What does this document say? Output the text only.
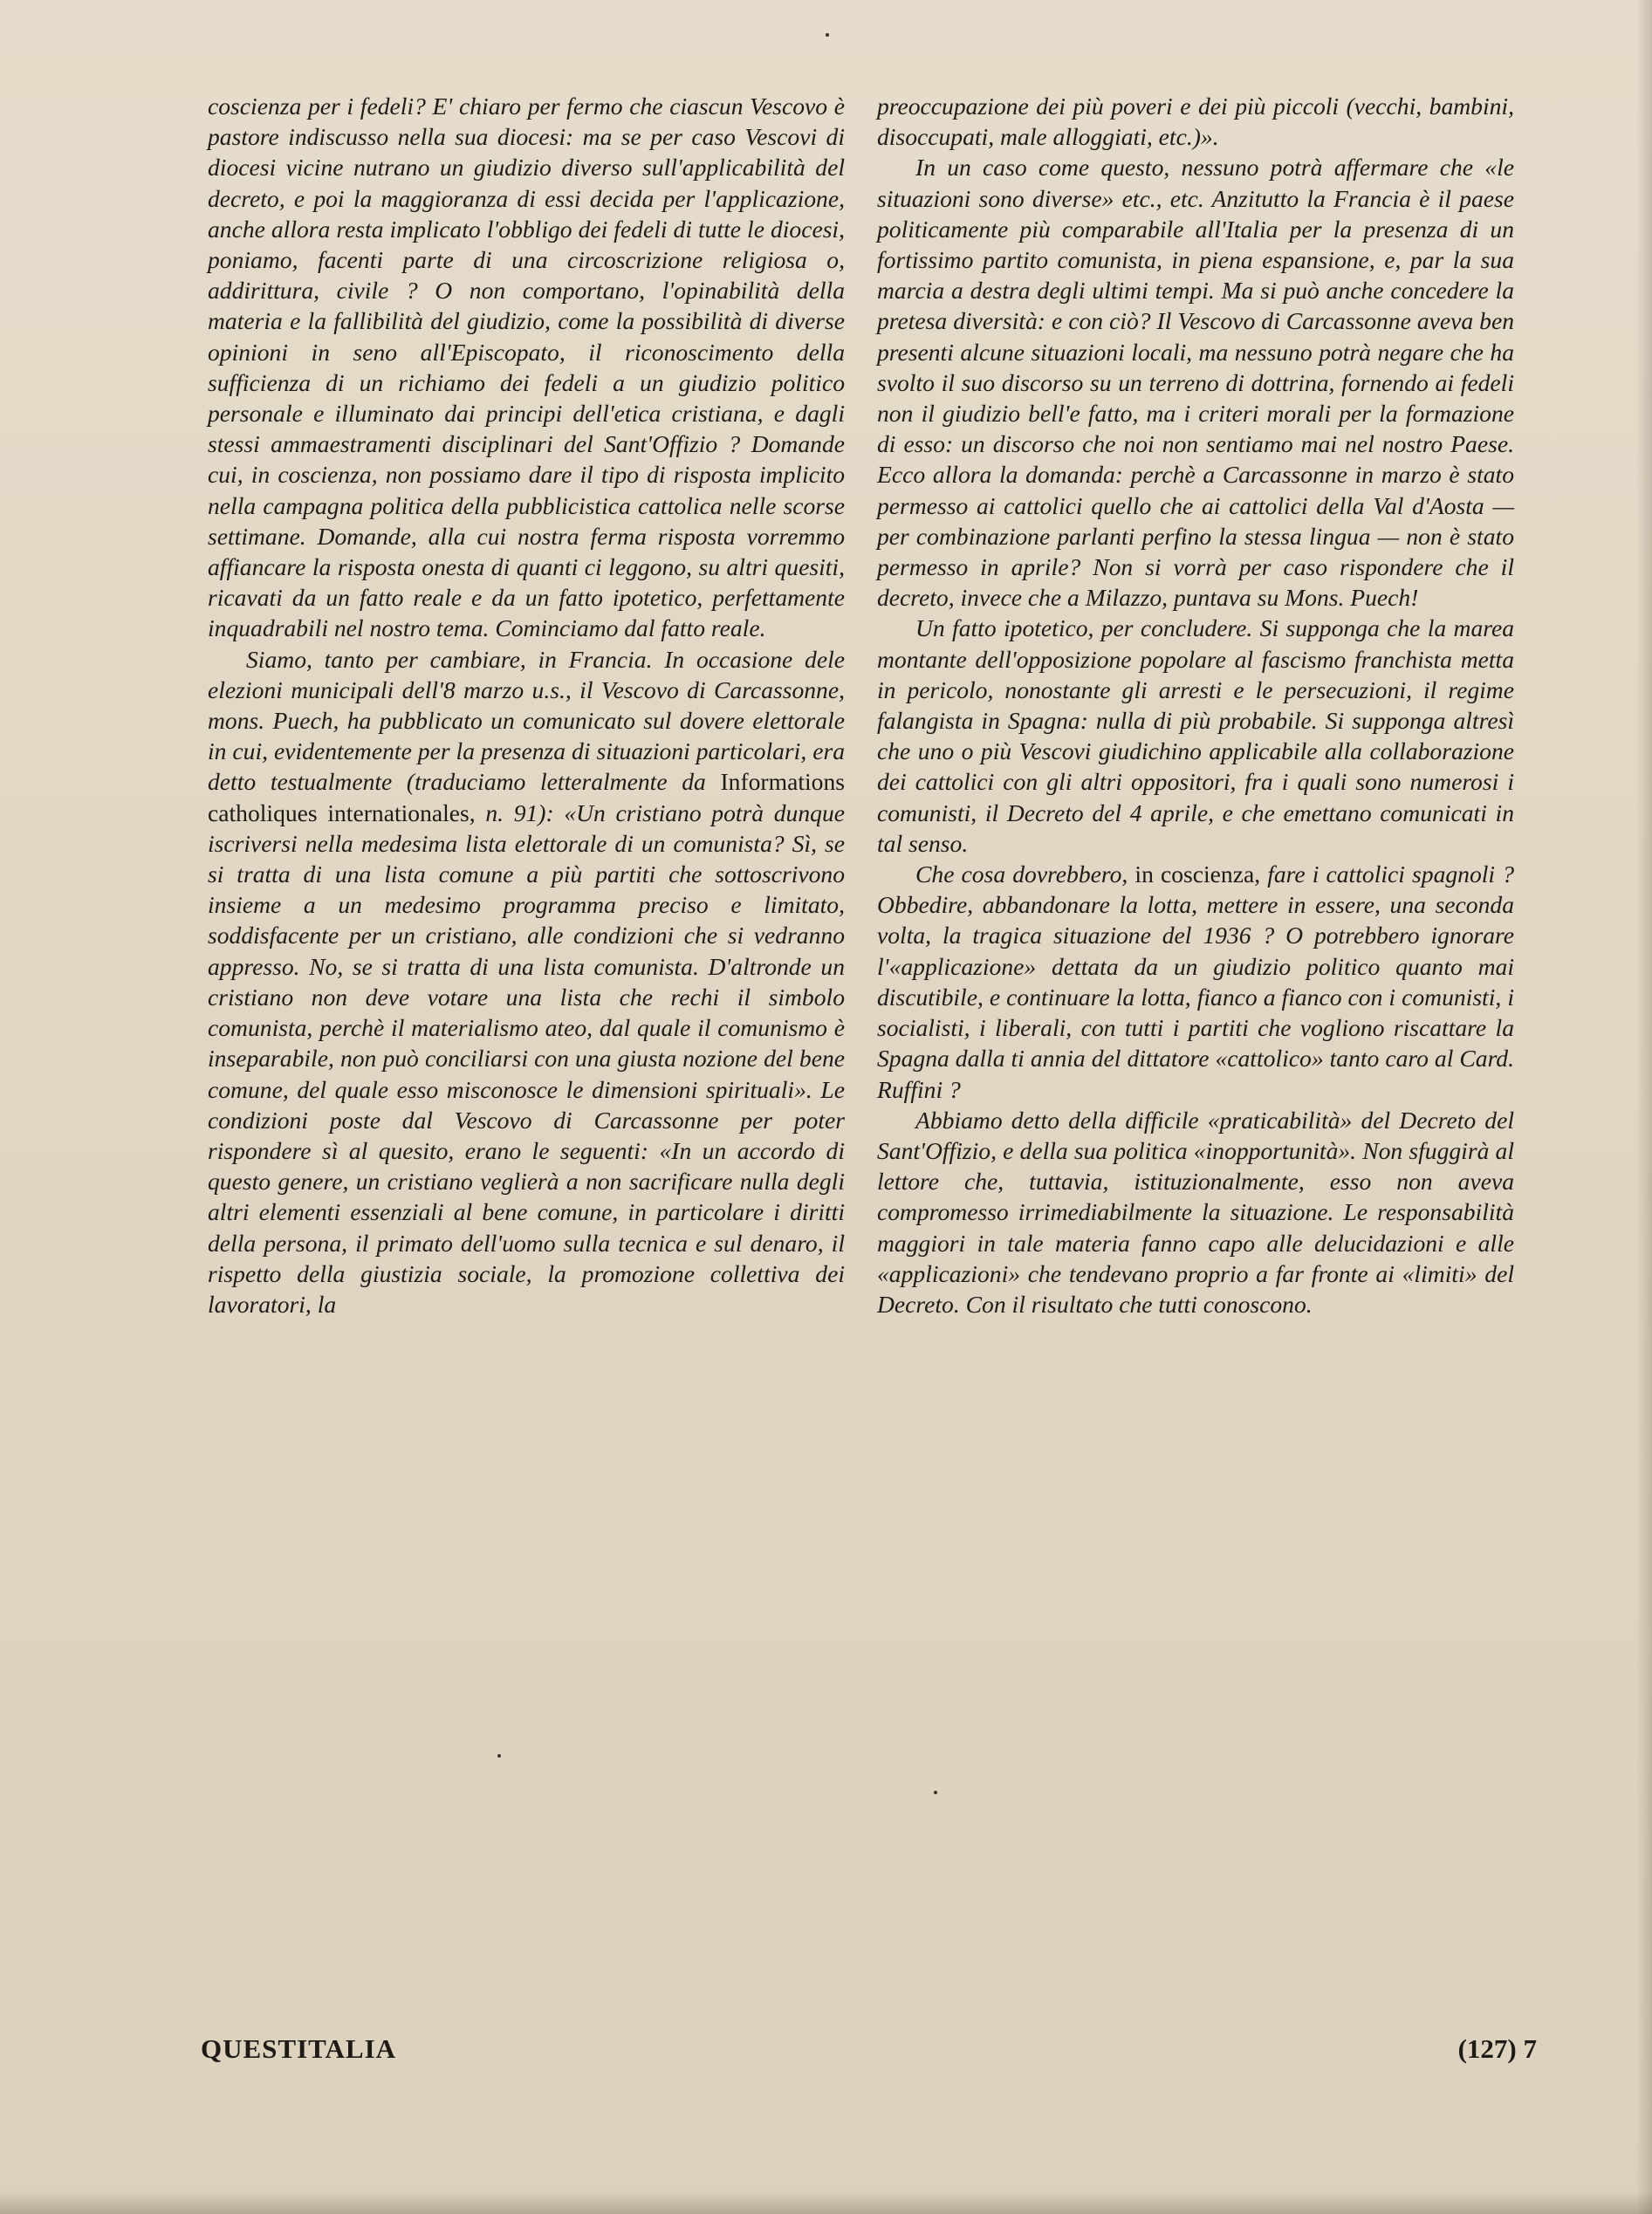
coscienza per i fedeli? E' chiaro per fermo che ciascun Vescovo è pastore indiscusso nella sua diocesi: ma se per caso Vescovi di diocesi vicine nutrano un giudizio diverso sull'applicabilità del decreto, e poi la maggioranza di essi decida per l'applicazione, anche allora resta implicato l'obbligo dei fedeli di tutte le diocesi, poniamo, facenti parte di una circoscrizione religiosa o, addirittura, civile ? O non comportano, l'opinabilità della materia e la fallibilità del giudizio, come la possibilità di diverse opinioni in seno all'Episcopato, il riconoscimento della sufficienza di un richiamo dei fedeli a un giudizio politico personale e illuminato dai principi dell'etica cristiana, e dagli stessi ammaestramenti disciplinari del Sant'Offizio ? Domande cui, in coscienza, non possiamo dare il tipo di risposta implicito nella campagna politica della pubblicistica cattolica nelle scorse settimane. Domande, alla cui nostra ferma risposta vorremmo affiancare la risposta onesta di quanti ci leggono, su altri quesiti, ricavati da un fatto reale e da un fatto ipotetico, perfettamente inquadrabili nel nostro tema. Cominciamo dal fatto reale.

Siamo, tanto per cambiare, in Francia. In occasione dele elezioni municipali dell'8 marzo u.s., il Vescovo di Carcassonne, mons. Puech, ha pubblicato un comunicato sul dovere elettorale in cui, evidentemente per la presenza di situazioni particolari, era detto testualmente (traduciamo letteralmente da Informations catholiques internationales, n. 91): «Un cristiano potrà dunque iscriversi nella medesima lista elettorale di un comunista? Sì, se si tratta di una lista comune a più partiti che sottoscrivono insieme a un medesimo programma preciso e limitato, soddisfacente per un cristiano, alle condizioni che si vedranno appresso. No, se si tratta di una lista comunista. D'altronde un cristiano non deve votare una lista che rechi il simbolo comunista, perchè il materialismo ateo, dal quale il comunismo è inseparabile, non può conciliarsi con una giusta nozione del bene comune, del quale esso misconosce le dimensioni spirituali». Le condizioni poste dal Vescovo di Carcassonne per poter rispondere sì al quesito, erano le seguenti: «In un accordo di questo genere, un cristiano veglierà a non sacrificare nulla degli altri elementi essenziali al bene comune, in particolare i diritti della persona, il primato dell'uomo sulla tecnica e sul denaro, il rispetto della giustizia sociale, la promozione collettiva dei lavoratori, la

preoccupazione dei più poveri e dei più piccoli (vecchi, bambini, disoccupati, male alloggiati, etc.)».

In un caso come questo, nessuno potrà affermare che «le situazioni sono diverse» etc., etc. Anzitutto la Francia è il paese politicamente più comparabile all'Italia per la presenza di un fortissimo partito comunista, in piena espansione, e, par la sua marcia a destra degli ultimi tempi. Ma si può anche concedere la pretesa diversità: e con ciò? Il Vescovo di Carcassonne aveva ben presenti alcune situazioni locali, ma nessuno potrà negare che ha svolto il suo discorso su un terreno di dottrina, fornendo ai fedeli non il giudizio bell'e fatto, ma i criteri morali per la formazione di esso: un discorso che noi non sentiamo mai nel nostro Paese. Ecco allora la domanda: perchè a Carcassonne in marzo è stato permesso ai cattolici quello che ai cattolici della Val d'Aosta — per combinazione parlanti perfino la stessa lingua — non è stato permesso in aprile? Non si vorrà per caso rispondere che il decreto, invece che a Milazzo, puntava su Mons. Puech!

Un fatto ipotetico, per concludere. Si supponga che la marea montante dell'opposizione popolare al fascismo franchista metta in pericolo, nonostante gli arresti e le persecuzioni, il regime falangista in Spagna: nulla di più probabile. Si supponga altresì che uno o più Vescovi giudichino applicabile alla collaborazione dei cattolici con gli altri oppositori, fra i quali sono numerosi i comunisti, il Decreto del 4 aprile, e che emettano comunicati in tal senso.

Che cosa dovrebbero, in coscienza, fare i cattolici spagnoli ? Obbedire, abbandonare la lotta, mettere in essere, una seconda volta, la tragica situazione del 1936 ? O potrebbero ignorare l'«applicazione» dettata da un giudizio politico quanto mai discutibile, e continuare la lotta, fianco a fianco con i comunisti, i socialisti, i liberali, con tutti i partiti che vogliono riscattare la Spagna dalla ti annia del dittatore «cattolico» tanto caro al Card. Ruffini ?

Abbiamo detto della difficile «praticabilità» del Decreto del Sant'Offizio, e della sua politica «inopportunità». Non sfuggirà al lettore che, tuttavia, istituzionalmente, esso non aveva compromesso irrimediabilmente la situazione. Le responsabilità maggiori in tale materia fanno capo alle delucidazioni e alle «applicazioni» che tendevano proprio a far fronte ai «limiti» del Decreto. Con il risultato che tutti conoscono.

QUESTITALIA	(127) 7
